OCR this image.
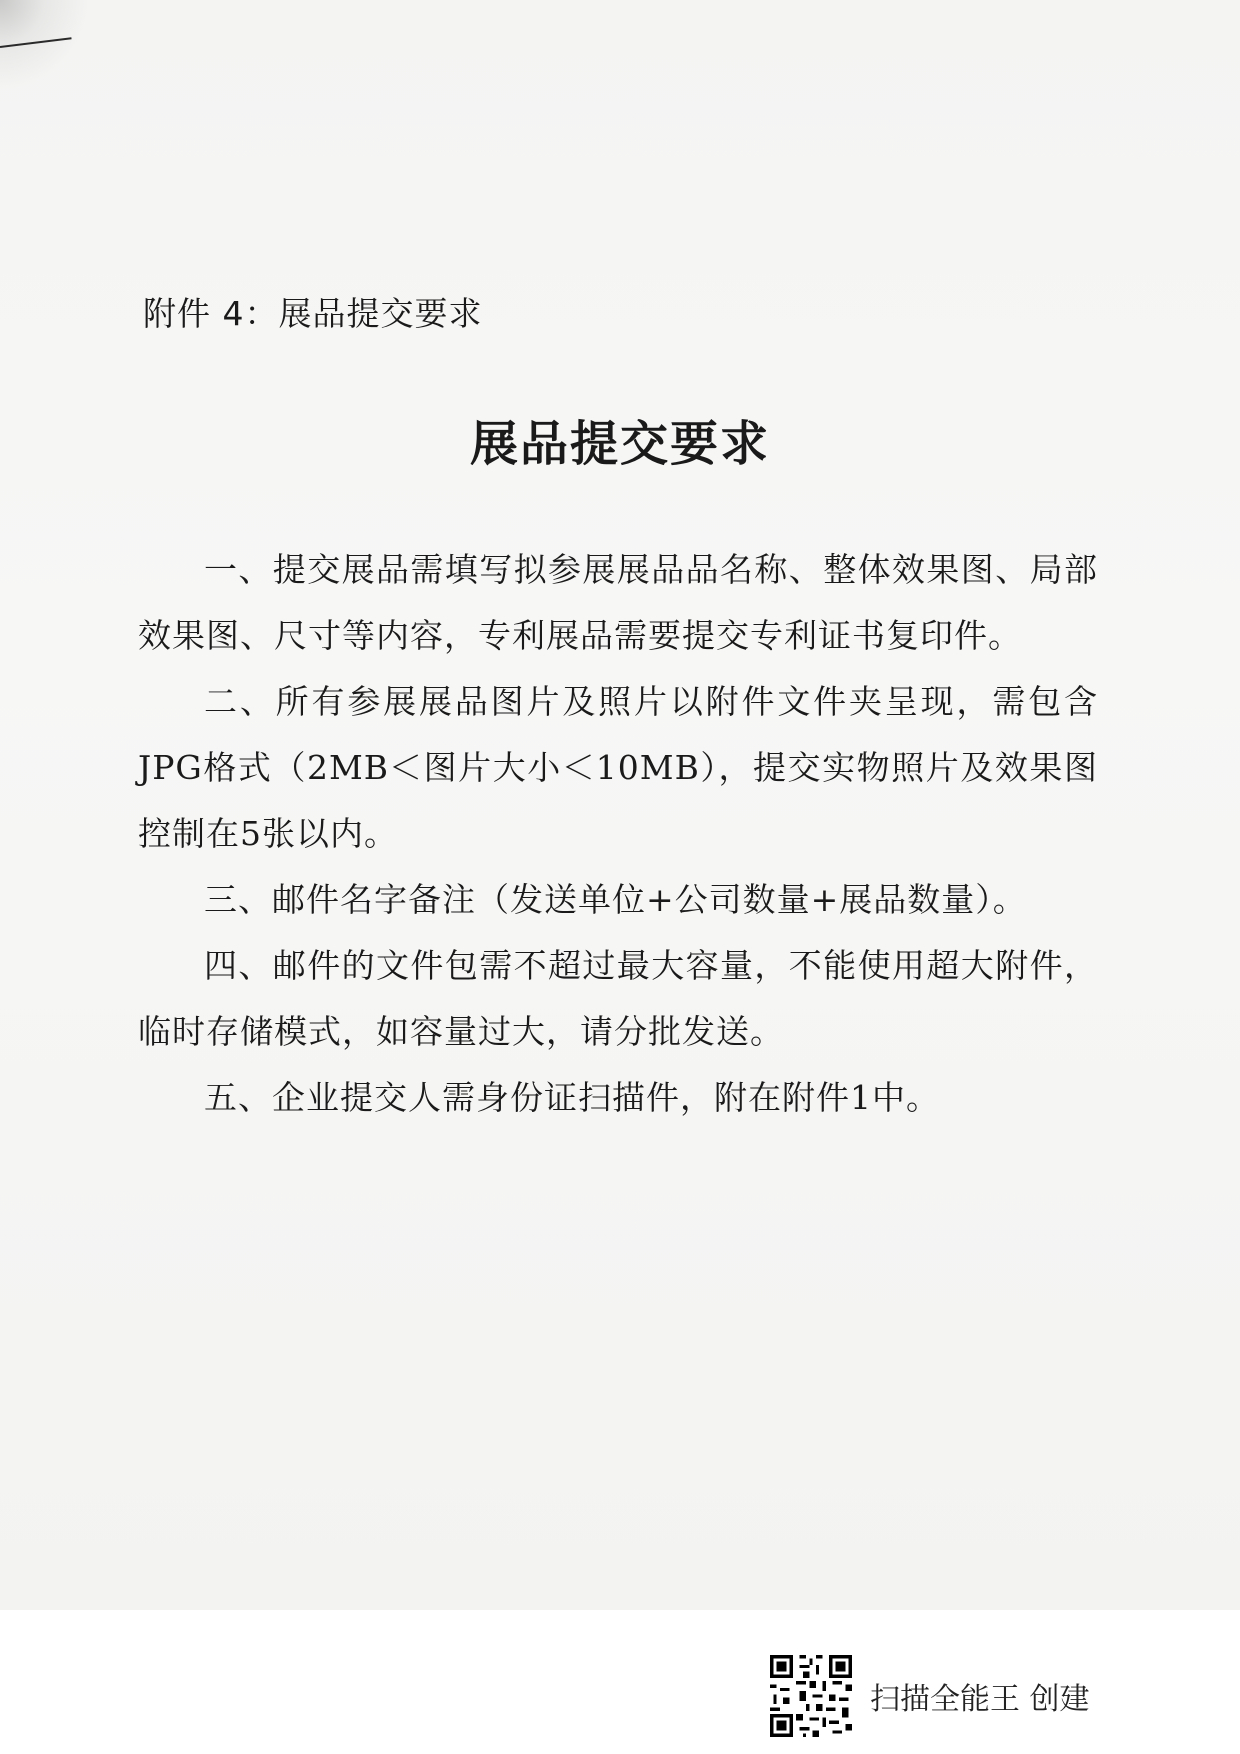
附件 4：展品提交要求
展品提交要求

一、提交展品需填写拟参展展品品名称、整体效果图、局部效果图、尺寸等内容，专利展品需要提交专利证书复印件。

二、所有参展展品图片及照片以附件文件夹呈现，需包含JPG格式（2MB＜图片大小＜10MB），提交实物照片及效果图控制在5张以内。

三、邮件名字备注（发送单位+公司数量+展品数量）。

四、邮件的文件包需不超过最大容量，不能使用超大附件，临时存储模式，如容量过大，请分批发送。

五、企业提交人需身份证扫描件，附在附件1中。

扫描全能王 创建
